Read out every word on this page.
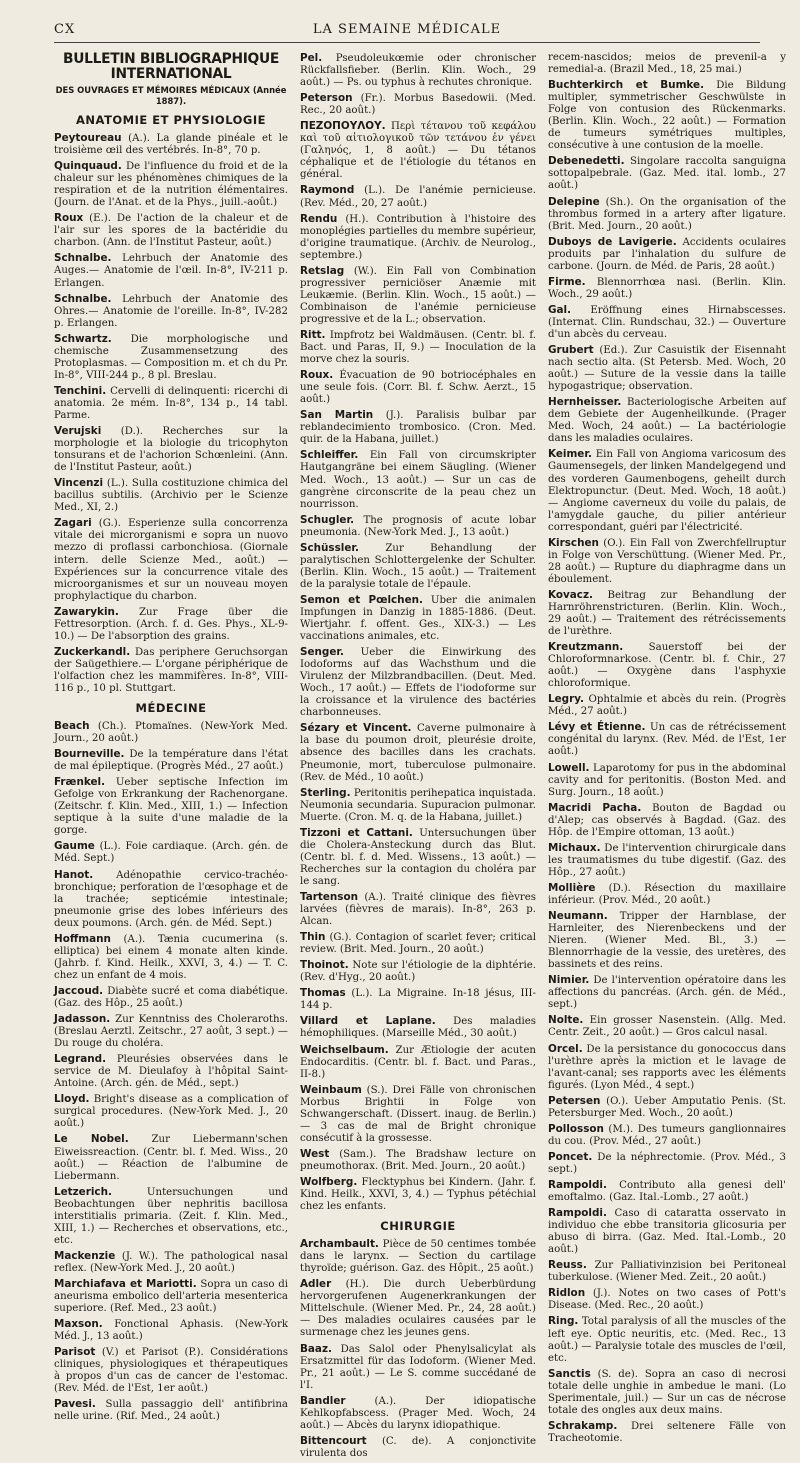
LA SEMAINE MÉDICALE
CX
BULLETIN BIBLIOGRAPHIQUE INTERNATIONAL
DES OUVRAGES ET MÉMOIRES MÉDICAUX (Année 1887).
ANATOMIE ET PHYSIOLOGIE

Peytoureau (A.). La glande pinéale et le troisième œil des vertébrés. In-8°, 70 p.

Quinquaud. De l'influence du froid et de la chaleur sur les phénomènes chimiques de la respiration et de la nutrition élémentaires. (Journ. de l'Anat. et de la Phys., juill.-août.)

Roux (E.). De l'action de la chaleur et de l'air sur les spores de la bactéridie du charbon. (Ann. de l'Institut Pasteur, août.)

Schnalbe. Lehrbuch der Anatomie des Auges.— Anatomie de l'œil. In-8°, IV-211 p. Erlangen.

Schnalbe. Lehrbuch der Anatomie des Ohres.— Anatomie de l'oreille. In-8°, IV-282 p. Erlangen.

Schwartz. Die morphologische und chemische Zusammensetzung des Protoplasmas. — Composition m. et ch du Pr. In-8°, VIII-244 p., 8 pl. Breslau.

Tenchini. Cervelli di delinquenti: ricerchi di anatomia. 2e mém. In-8°, 134 p., 14 tabl. Parme.

Verujski (D.). Recherches sur la morphologie et la biologie du tricophyton tonsurans et de l'achorion Schœnleini. (Ann. de l'Institut Pasteur, août.)

Vincenzi (L.). Sulla costituzione chimica del bacillus subtilis. (Archivio per le Scienze Med., XI, 2.)

Zagari (G.). Esperienze sulla concorrenza vitale dei microrganismi e sopra un nuovo mezzo di proflassi carbonchiosa. (Giornale intern. delle Scienze Med., août.) — Expériences sur la concurrence vitale des microorganismes et sur un nouveau moyen prophylactique du charbon.

Zawarykin. Zur Frage über die Fettresorption. (Arch. f. d. Ges. Phys., XL-9-10.) — De l'absorption des grains.

Zuckerkandl. Das periphere Geruchsorgan der Saügethiere.— L'organe périphérique de l'olfaction chez les mammifères. In-8°, VIII-116 p., 10 pl. Stuttgart.

MÉDECINE

Beach (Ch.). Ptomaïnes. (New-York Med. Journ., 20 août.)

Bourneville. De la température dans l'état de mal épileptique. (Progrès Méd., 27 août.)

Frænkel. Ueber septische Infection im Gefolge von Erkrankung der Rachenorgane. (Zeitschr. f. Klin. Med., XIII, 1.) — Infection septique à la suite d'une maladie de la gorge.

Gaume (L.). Foie cardiaque. (Arch. gén. de Méd. Sept.)

Hanot. Adénopathie cervico-trachéo-bronchique; perforation de l'œsophage et de la trachée; septicémie intestinale; pneumonie grise des lobes inférieurs des deux poumons. (Arch. gén. de Méd. Sept.)

Hoffmann (A.). Tænia cucumerina (s. elliptica) bei einem 4 monate alten kinde. (Jahrb. f. Kind. Heilk., XXVI, 3, 4.) — T. C. chez un enfant de 4 mois.

Jaccoud. Diabète sucré et coma diabétique. (Gaz. des Hôp., 25 août.)

Jadasson. Zur Kenntniss des Choleraroths. (Breslau Aerztl. Zeitschr., 27 août, 3 sept.) — Du rouge du choléra.

Legrand. Pleurésies observées dans le service de M. Dieulafoy à l'hôpital Saint-Antoine. (Arch. gén. de Méd., sept.)

Lloyd. Bright's disease as a complication of surgical procedures. (New-York Med. J., 20 août.)

Le Nobel. Zur Liebermann'schen Eiweissreaction. (Centr. bl. f. Med. Wiss., 20 août.) — Réaction de l'albumine de Liebermann.

Letzerich.	Untersuchungen und Beobachtungen über nephritis bacillosa interstitialis primaria. (Zeit. f. Klin. Med., XIII, 1.) — Recherches et observations, etc., etc.

Mackenzie (J. W.). The pathological nasal reflex. (New-York Med. J., 20 août.)

Marchiafava et Mariotti. Sopra un caso di aneurisma embolico dell'arteria mesenterica superiore. (Ref. Med., 23 août.)

Maxson. Fonctional Aphasis. (New-York Méd. J., 13 août.)

Parisot (V.) et Parisot (P.). Considérations cliniques, physiologiques et thérapeutiques à propos d'un cas de cancer de l'estomac. (Rev. Méd. de l'Est, 1er août.)

Pavesi. Sulla passaggio dell' antifibrina nelle urine. (Rif. Med., 24 août.)

Pel. Pseudoleukœmie oder chronischer Rückfallsfieber. (Berlin. Klin. Woch., 29 août.) — Ps. ou typhus à rechutes chronique.

Peterson (Fr.). Morbus Basedowii. (Med. Rec., 20 août.)

ΠΕΖΟΠΟΥΛΟΥ. Περὶ τέτανου τοῦ κεφάλου καὶ τοῦ αἰτιολογικοῦ τῶν τετάνου ἐν γένει (Γαληνός, 1, 8 août.) — Du tétanos céphalique et de l'étiologie du tétanos en général.

Raymond (L.). De l'anémie pernicieuse. (Rev. Méd., 20, 27 août.)

Rendu (H.). Contribution à l'histoire des monoplégies partielles du membre supérieur, d'origine traumatique. (Archiv. de Neurolog., septembre.)

Retslag (W.). Ein Fall von Combination progressiver perniciöser Anæmie mit Leukæmie. (Berlin. Klin. Woch., 15 août.) — Combinaison de l'anémie pernicieuse progressive et de la L.; observation.

Ritt. Impfrotz bei Waldmäusen. (Centr. bl. f. Bact. und Paras, II, 9.) — Inoculation de la morve chez la souris.

Roux. Évacuation de 90 botriocéphales en une seule fois. (Corr. Bl. f. Schw. Aerzt., 15 août.)

San Martin (J.). Paralisis bulbar par reblandecimiento trombosico. (Cron. Med. quir. de la Habana, juillet.)

Schleiffer. Ein Fall von circumskripter Hautgangräne bei einem Säugling. (Wiener Med. Woch., 13 août.) — Sur un cas de gangrène circonscrite de la peau chez un nourrisson.

Schugler. The prognosis of acute lobar pneumonia. (New-York Med. J., 13 août.)

Schüssler.	Zur Behandlung der paralytischen Schlottergelenke der Schulter. (Berlin. Klin. Woch., 15 août.) — Traitement de la paralysie totale de l'épaule.

Semon et Pœlchen. Uber die animalen Impfungen in Danzig in 1885-1886. (Deut. Wiertjahr. f. offent. Ges., XIX-3.) — Les vaccinations animales, etc.

Senger. Ueber die Einwirkung des Iodoforms auf das Wachsthum und die Virulenz der Milzbrandbacillen. (Deut. Med. Woch., 17 août.) — Effets de l'iodoforme sur la croissance et la virulence des bactéries charbonneuses.

Sézary et Vincent. Caverne pulmonaire à la base du poumon droit, pleurésie droite, absence des bacilles dans les crachats. Pneumonie, mort, tuberculose pulmonaire. (Rev. de Méd., 10 août.)

Sterling. Peritonitis perihepatica inquistada. Neumonia secundaria. Supuracion pulmonar. Muerte. (Cron. M. q. de la Habana, juillet.)

Tizzoni et Cattani. Untersuchungen über die Cholera-Ansteckung durch das Blut. (Centr. bl. f. d. Med. Wissens., 13 août.) — Recherches sur la contagion du choléra par le sang.

Tartenson (A.). Traité clinique des fièvres larvées (fièvres de marais). In-8°, 263 p. Alcan.

Thin (G.). Contagion of scarlet fever; critical review. (Brit. Med. Journ., 20 août.)

Thoinot. Note sur l'étiologie de la diphtérie. (Rev. d'Hyg., 20 août.)

Thomas (L.). La Migraine. In-18 jésus, III-144 p.

Villard et Laplane. Des maladies hémophiliques. (Marseille Méd., 30 août.)

Weichselbaum. Zur Ætiologie der acuten Endocarditis. (Centr. bl. f. Bact. und Paras., II-8.)

Weinbaum (S.). Drei Fälle von chronischen Morbus Brightii in Folge von Schwangerschaft. (Dissert. inaug. de Berlin.) — 3 cas de mal de Bright chronique consécutif à la grossesse.

West (Sam.). The Bradshaw lecture on pneumothorax. (Brit. Med. Journ., 20 août.)

Wolfberg. Flecktyphus bei Kindern. (Jahr. f. Kind. Heilk., XXVI, 3, 4.) — Typhus pétéchial chez les enfants.

CHIRURGIE

Archambault. Pièce de 50 centimes tombée dans le larynx. — Section du cartilage thyroïde; guérison. Gaz. des Hôpit., 25 août.)

Adler (H.). Die durch Ueberbürdung hervorgerufenen Augenerkrankungen der Mittelschule. (Wiener Med. Pr., 24, 28 août.) — Des maladies oculaires causées par le surmenage chez les jeunes gens.

Baaz. Das Salol oder Phenylsalicylat als Ersatzmittel für das Iodoform. (Wiener Med. Pr., 21 août.) — Le S. comme succédané de l'I.

Bandler	(A.). Der idiopatische Kehlkopfabscess. (Prager Med. Woch, 24 août.) — Abcès du larynx idiopathique.

Bittencourt (C. de). A conjonctivite virulenta dos

recem-nascidos; meios de prevenil-a y remedial-a. (Brazil Med., 18, 25 mai.)

Buchterkirch et Bumke. Die Bildung multipler, symmetrischer Geschwülste in Folge von contusion des Rückenmarks. (Berlin. Klin. Woch., 22 août.) — Formation de tumeurs symétriques multiples, consécutive à une contusion de la moelle.

Debenedetti. Singolare raccolta sanguigna sottopalpebrale. (Gaz. Med. ital. lomb., 27 août.)

Delepine (Sh.). On the organisation of the thrombus formed in a artery after ligature. (Brit. Med. Journ., 20 août.)

Duboys de Lavigerie. Accidents oculaires produits par l'inhalation du sulfure de carbone. (Journ. de Méd. de Paris, 28 août.)

Firme. Blennorrhœa nasi. (Berlin. Klin. Woch., 29 août.)

Gal. Eröffnung eines Hirnabscesses. (Internat. Clin. Rundschau, 32.) — Ouverture d'un abcès du cerveau.

Grubert (Ed.). Zur Casuistik der Eisennaht nach sectio alta. (St Petersb. Med. Woch, 20 août.) — Suture de la vessie dans la taille hypogastrique; observation.

Hernheisser. Bacteriologische Arbeiten auf dem Gebiete der Augenheilkunde. (Prager Med. Woch, 24 août.) — La bactériologie dans les maladies oculaires.

Keimer. Ein Fall von Angioma varicosum des Gaumensegels, der linken Mandelgegend und des vorderen Gaumenbogens, geheilt durch Elektropunctur. (Deut. Med. Woch, 18 août.) — Angiome caverneux du voile du palais, de l'amygdale gauche, du pilier antérieur correspondant, guéri par l'électricité.

Kirschen (O.). Ein Fall von Zwerchfellruptur in Folge von Verschüttung. (Wiener Med. Pr., 28 août.) — Rupture du diaphragme dans un éboulement.

Kovacz. Beitrag zur Behandlung der Harnröhrenstricturen. (Berlin. Klin. Woch., 29 août.) — Traitement des rétrécissements de l'urèthre.

Kreutzmann. Sauerstoff bei der Chloroformnarkose. (Centr. bl. f. Chir., 27 août.) — Oxygène dans l'asphyxie chloroformique.

Legry. Ophtalmie et abcès du rein. (Progrès Méd., 27 août.)

Lévy et Étienne. Un cas de rétrécissement congénital du larynx. (Rev. Méd. de l'Est, 1er août.)

Lowell. Laparotomy for pus in the abdominal cavity and for peritonitis. (Boston Med. and Surg. Journ., 18 août.)

Macridi Pacha. Bouton de Bagdad ou d'Alep; cas observés à Bagdad. (Gaz. des Hôp. de l'Empire ottoman, 13 août.)

Michaux. De l'intervention chirurgicale dans les traumatismes du tube digestif. (Gaz. des Hôp., 27 août.)

Mollière (D.). Résection du maxillaire inférieur. (Prov. Méd., 20 août.)

Neumann. Tripper der Harnblase, der Harnleiter, des Nierenbeckens und der Nieren. (Wiener Med. Bl., 3.) — Blennorrhagie de la vessie, des uretères, des bassinets et des reins.

Nimier. De l'intervention opératoire dans les affections du pancréas. (Arch. gén. de Méd., sept.)

Nolte. Ein grosser Nasenstein. (Allg. Med. Centr. Zeit., 20 août.) — Gros calcul nasal.

Orcel. De la persistance du gonococcus dans l'urèthre après la miction et le lavage de l'avant-canal; ses rapports avec les éléments figurés. (Lyon Méd., 4 sept.)

Petersen (O.). Ueber Amputatio Penis. (St. Petersburger Med. Woch., 20 août.)

Pollosson (M.). Des tumeurs ganglionnaires du cou. (Prov. Méd., 27 août.)

Poncet. De la néphrectomie. (Prov. Méd., 3 sept.)

Rampoldi. Contributo alla genesi dell' emoftalmo. (Gaz. Ital.-Lomb., 27 août.)

Rampoldi. Caso di cataratta osservato in individuo che ebbe transitoria glicosuria per abuso di birra. (Gaz. Med. Ital.-Lomb., 20 août.)

Reuss. Zur Palliativinzision bei Peritoneal tuberkulose. (Wiener Med. Zeit., 20 août.)

Ridlon (J.). Notes on two cases of Pott's Disease. (Med. Rec., 20 août.)

Ring. Total paralysis of all the muscles of the left eye. Optic neuritis, etc. (Med. Rec., 13 août.) — Paralysie totale des muscles de l'œil, etc.

Sanctis (S. de). Sopra an caso di necrosi totale delle unghie in ambedue le mani. (Lo Sperimentale, juil.) — Sur un cas de nécrose totale des ongles aux deux mains.

Schrakamp. Drei seltenere Fälle von Tracheotomie.
